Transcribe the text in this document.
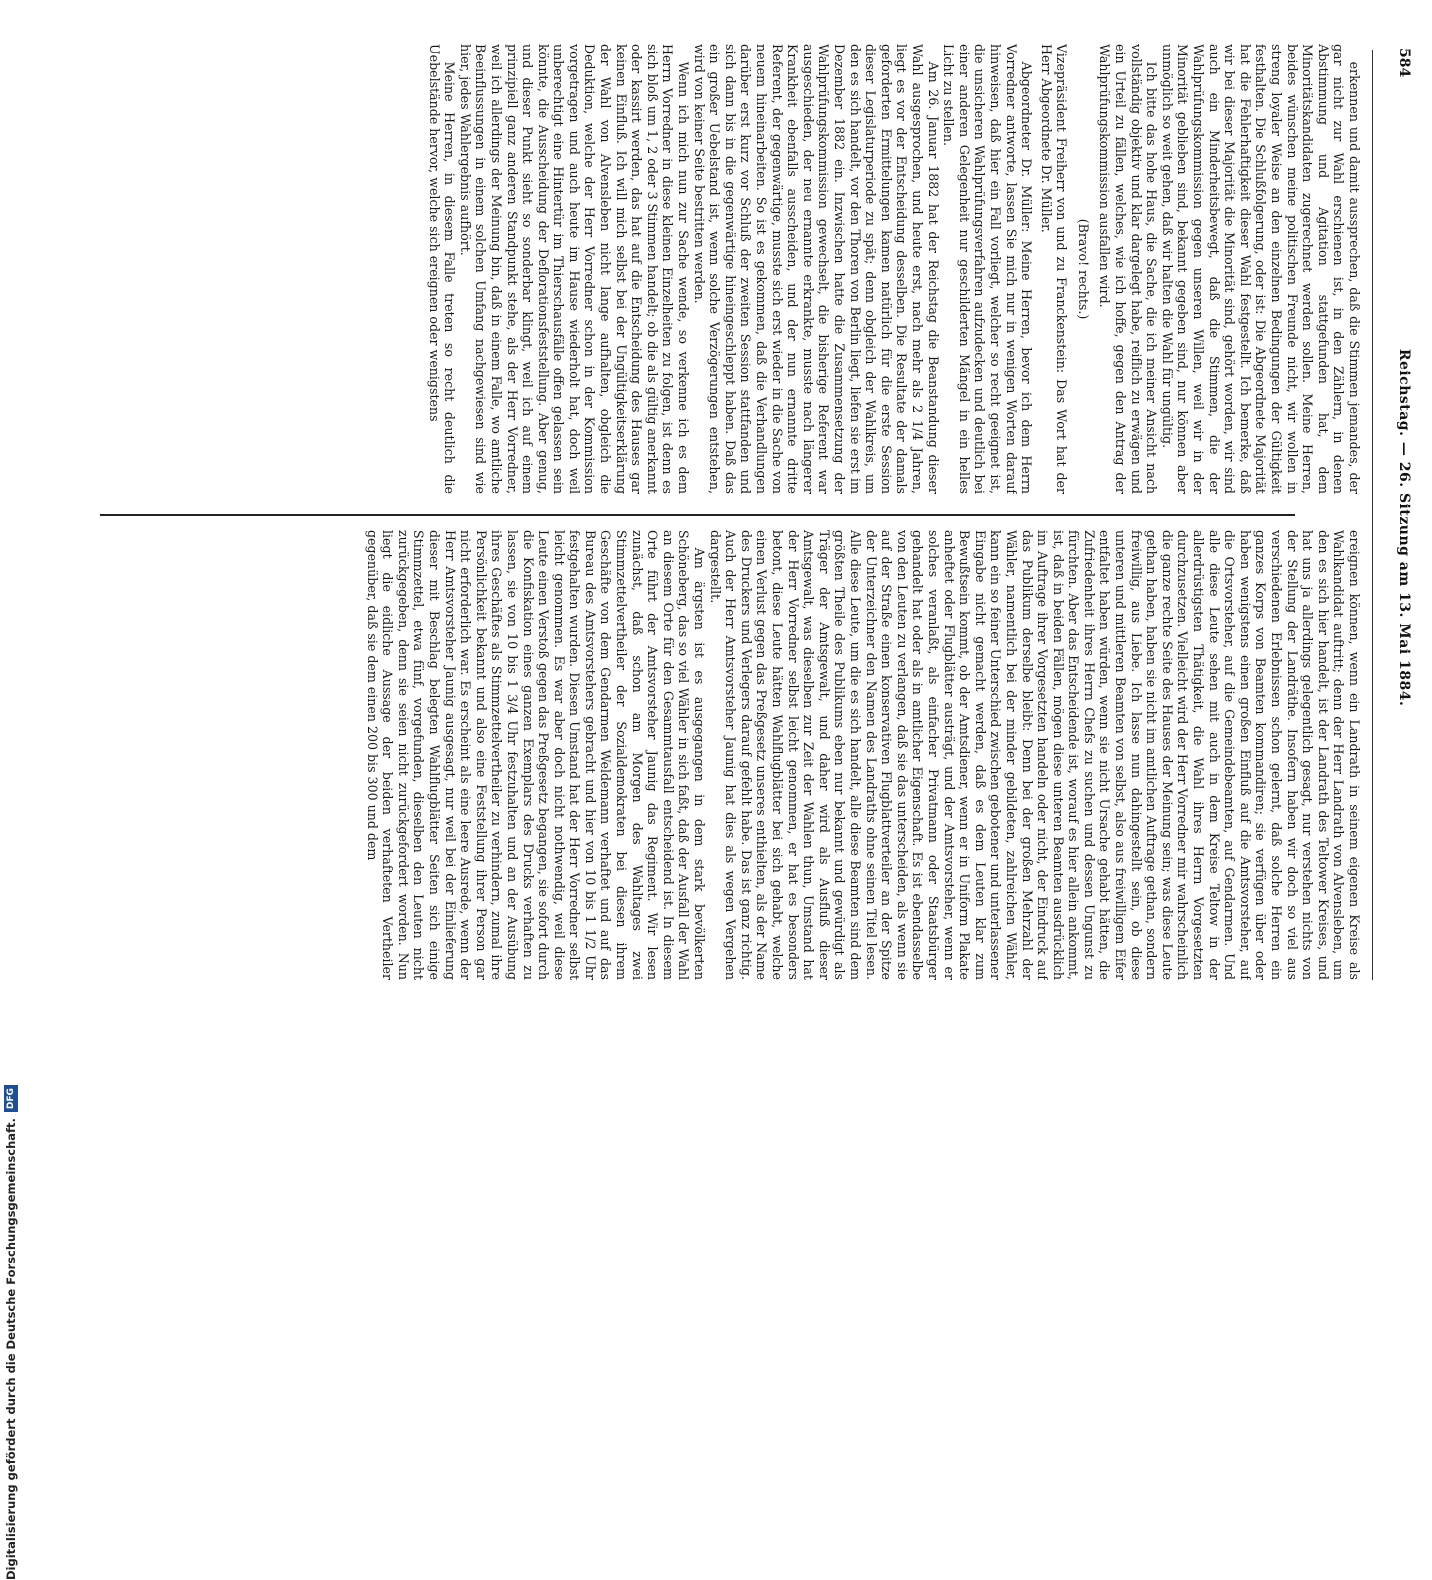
584
Reichstag. — 26. Sitzung am 13. Mai 1884.

erkennen und damit aussprechen, daß die Stimmen jemandes, der gar nicht zur Wahl erschienen ist, in den Zählern, in denen Abstimmung und Agitation stattgefunden hat, dem Minoritätskandidaten zugerechnet werden sollen. Meine Herren, beides wünschen meine politischen Freunde nicht, wir wollen in streng loyaler Weise an den einzelnen Bedingungen der Gültigkeit festhalten. Die Schlußfolgerung, oder ist: Die Abgeordnete Majorität hat die Fehlerhaftigkeit dieser Wahl festgestellt. Ich bemerke, daß wir bei dieser Majorität die Minorität sind, gehört worden, wir sind auch ein Minderheitsbewegt, daß die Stimmen, die der Wahlprüfungskommission gegen unseren Willen, weil wir in der Minorität geblieben sind, bekannt gegeben sind, nur können aber unmöglich so weit gehen, daß wir halten die Wahl für ungültig.

Ich bitte das hohe Haus, die Sache, die ich meiner Ansicht nach vollständig objektiv und klar dargelegt habe, reiflich zu erwägen und ein Urteil zu fällen, welches, wie ich hoffe, gegen den Antrag der Wahlprüfungskommission ausfallen wird.

(Bravo! rechts.)

Vizepräsident Freiherr von und zu Franckenstein: Das Wort hat der Herr Abgeordnete Dr. Müller.

Abgeordneter Dr. Müller: Meine Herren, bevor ich dem Herrn Vorredner antworte, lassen Sie mich nur in wenigen Worten darauf hinweisen, daß hier ein Fall vorliegt, welcher so recht geeignet ist, die unsicheren Wahlprüfungsverfahren aufzudecken und deutlich bei einer anderen Gelegenheit nur geschilderten Mängel in ein helles Licht zu stellen.

Am 26. Januar 1882 hat der Reichstag die Beanstandung dieser Wahl ausgesprochen, und heute erst, nach mehr als 2 1/4 Jahren, liegt es vor der Entscheidung desselben. Die Resultate der damals geforderten Ermittelungen kamen natürlich für die erste Session dieser Legislaturperiode zu spät; denn obgleich der Wahlkreis, um den es sich handelt, vor den Thoren von Berlin liegt, liefen sie erst im Dezember 1882 ein. Inzwischen hatte die Zusammensetzung der Wahlprüfungskommission gewechselt, die bisherige Referent war ausgeschieden, der neu ernannte erkrankte, musste nach längerer Krankheit ebenfalls ausscheiden, und der nun ernannte dritte Referent, der gegenwärtige, musste sich erst wieder in die Sache von neuem hineinarbeiten. So ist es gekommen, daß die Verhandlungen darüber erst kurz vor Schluß der zweiten Session stattfanden und sich dann bis in die gegenwärtige hineingeschleppt haben. Daß das ein großer Uebelstand ist, wenn solche Verzögerungen entstehen, wird von keiner Seite bestritten werden.

Wenn ich mich nun zur Sache wende, so verkenne ich es dem Herrn Vorredner in diese kleinen Einzelheiten zu folgen, ist denn es sich bloß um 1, 2 oder 3 Stimmen handelt; ob die als gültig anerkannt oder kassirt werden, das hat auf die Entscheidung des Hauses gar keinen Einfluß. Ich will mich selbst bei der Ungültigkeitserklärung der Wahl von Alvensleben nicht lange aufhalten, obgleich die Deduktion, welche der Herr Vorredner schon in der Kommission vorgetragen und auch heute im Hause wiederholt hat, doch weil unberechtigt eine Hintertür im Thierschausfälle offen gelassen sein könnte, die Ausscheidung der Deflorationsfeststellung. Aber genug, und dieser Punkt sieht so sonderbar klingt, weil ich auf einem prinzipiell ganz anderen Standpunkt stehe, als der Herr Vorredner, weil ich allerdings der Meinung bin, daß in einem Falle, wo amtliche Beeinflussungen in einem solchen Umfang nachgewiesen sind wie hier, jedes Wahlergebnis aufhört.

Meine Herren, in diesem Falle treten so recht deutlich die Uebelstände hervor, welche sich ereignen oder wenigstens

ereignen können, wenn ein Landrath in seinem eigenen Kreise als Wahlkandidat auftritt; denn der Herr Landrath von Alvensleben, um den es sich hier handelt, ist der Landrath des Teltower Kreises, und hat uns ja allerdings gelegentlich gesagt, nur verstehen nichts von der Stellung der Landräthe. Insofern haben wir doch so viel aus verschiedenen Erlebnissen schon gelernt, daß solche Herren ein ganzes Korps von Beamten kommandiren; sie verfügen über oder haben wenigstens einen großen Einfluß auf die Amtsvorsteher, auf die Ortsvorsteher, auf die Gemeindebeamten, auf Gendarmen. Und alle diese Leute sehen mit auch in dem Kreise Teltow in der allerdrüstigsten Thätigkeit, die Wahl ihres Herrn Vorgesetzten durchzusetzen. Vielleicht wird der Herr Vorredner mir wahrscheinlich die ganze rechte Seite des Hauses der Meinung sein; was diese Leute gethan haben, haben sie nicht im amtlichen Auftrage gethan, sondern freiwillig, aus Liebe. Ich lasse nun dahingestellt sein, ob diese unteren und mittleren Beamten von selbst, also aus freiwilligem Eifer entfaltet haben würden, wenn sie nicht Ursache gehabt hätten, die Zufriedenheit ihres Herrn Chefs zu suchen und dessen Ungunst zu fürchten. Aber das Entscheidende ist, worauf es hier allein ankommt, ist, daß in beiden Fällen, mögen diese unteren Beamten ausdrücklich im Auftrage ihrer Vorgesetzten handeln oder nicht, der Eindruck auf das Publikum derselbe bleibt: Denn bei der großen Mehrzahl der Wähler, namentlich bei der minder gebildeten, zahlreichen Wähler, kann ein so feiner Unterschied zwischen gebotener und unterlassener Eingabe nicht gemacht werden, daß es dem Leuten klar zum Bewußtsein kommt, ob der Amtsdiener, wenn er in Uniform Plakate anheftet oder Flugblätter austrägt, und der Amtsvorsteher, wenn er solches veranlaßt, als einfacher Privatmann oder Staatsbürger gehandelt hat oder als in amtlicher Eigenschaft. Es ist ebendasselbe von den Leuten zu verlangen, daß sie das unterscheiden, als wenn sie auf der Straße einen konservativen Flugblattverteiler an der Spitze der Unterzeichner den Namen des Landraths ohne seinen Titel lesen. Alle diese Leute, um die es sich handelt, alle diese Beamten sind dem größten Theile des Publikums eben nur bekannt und gewürdigt als Träger der Amtsgewalt, und daher wird als Ausfluß dieser Amtsgewalt, was dieselben zur Zeit der Wahlen thun, Umstand hat der Herr Vorredner selbst leicht genommen, er hat es besonders betont, diese Leute hätten Wahlflugblätter bei sich gehabt, welche einen Verlust gegen das Preßgesetz unseres enthielten, als der Name des Druckers und Verlegers darauf gefehlt habe. Das ist ganz richtig. Auch der Herr Amtsvorsteher Jaunig hat dies als wegen Vergehen dargestellt.

Am ärgsten ist es ausgegangen in dem stark bevölkerten Schöneberg, das so viel Wähler in sich faßt, daß der Ausfall der Wahl an diesem Orte für den Gesammtausfall entscheidend ist. In diesem Orte führt der Amtsvorsteher Jaunig das Regiment. Wir lesen zunächst, daß schon am Morgen des Wahltages zwei Stimmzettelvertheiler der Sozialdemokraten bei diesen ihrem Geschäfte von dem Gendarmen Weldemann verhaftet und auf das Bureau des Amtsvorstehers gebracht und hier von 10 bis 1 1/2 Uhr festgehalten wurden. Diesen Umstand hat der Herr Vorredner selbst leicht genommen. Es war aber doch nicht nothwendig, weil diese Leute einen Verstoß gegen das Preßgesetz begangen, sie sofort durch die Konfiskation eines ganzen Exemplars des Drucks verhaften zu lassen, sie von 10 bis 1 3/4 Uhr festzuhalten und an der Ausübung ihres Geschäftes als Stimmzettelvertheiler zu verhindern, zumal ihre Persönlichkeit bekannt und also eine Feststellung ihrer Person gar nicht erforderlich war. Es erscheint als eine leere Ausrede, wenn der Herr Amtsvorsteher Jaunig ausgesagt, nur weil bei der Einlieferung dieser mit Beschlag belegten Wahlflugblätter Seiten sich einige Stimmzettel, etwa fünf, vorgefunden, dieselben den Leuten nicht zurückgegeben, denn sie seien nicht zurückgefordert worden. Nun liegt die eidliche Aussage der beiden verhafteten Vertheiler gegenüber, daß sie dem einen 200 bis 300 und dem

Digitalisierung gefördert durch die Deutsche Forschungsgemeinschaft.
DFG
